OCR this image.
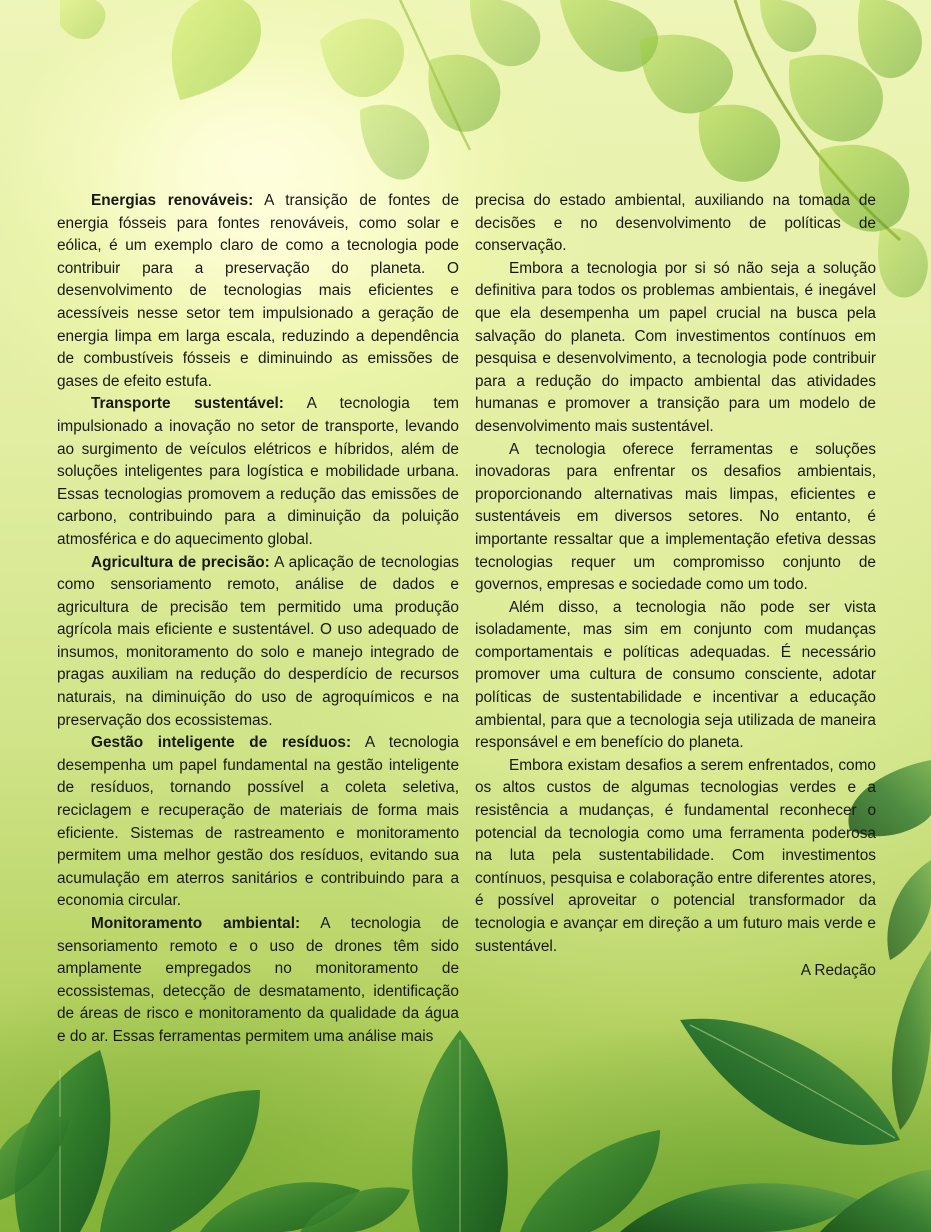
Energias renováveis: A transição de fontes de energia fósseis para fontes renováveis, como solar e eólica, é um exemplo claro de como a tecnologia pode contribuir para a preservação do planeta. O desenvolvimento de tecnologias mais eficientes e acessíveis nesse setor tem impulsionado a geração de energia limpa em larga escala, reduzindo a dependência de combustíveis fósseis e diminuindo as emissões de gases de efeito estufa.

Transporte sustentável: A tecnologia tem impulsionado a inovação no setor de transporte, levando ao surgimento de veículos elétricos e híbridos, além de soluções inteligentes para logística e mobilidade urbana. Essas tecnologias promovem a redução das emissões de carbono, contribuindo para a diminuição da poluição atmosférica e do aquecimento global.

Agricultura de precisão: A aplicação de tecnologias como sensoriamento remoto, análise de dados e agricultura de precisão tem permitido uma produção agrícola mais eficiente e sustentável. O uso adequado de insumos, monitoramento do solo e manejo integrado de pragas auxiliam na redução do desperdício de recursos naturais, na diminuição do uso de agroquímicos e na preservação dos ecossistemas.

Gestão inteligente de resíduos: A tecnologia desempenha um papel fundamental na gestão inteligente de resíduos, tornando possível a coleta seletiva, reciclagem e recuperação de materiais de forma mais eficiente. Sistemas de rastreamento e monitoramento permitem uma melhor gestão dos resíduos, evitando sua acumulação em aterros sanitários e contribuindo para a economia circular.

Monitoramento ambiental: A tecnologia de sensoriamento remoto e o uso de drones têm sido amplamente empregados no monitoramento de ecossistemas, detecção de desmatamento, identificação de áreas de risco e monitoramento da qualidade da água e do ar. Essas ferramentas permitem uma análise mais

precisa do estado ambiental, auxiliando na tomada de decisões e no desenvolvimento de políticas de conservação.

Embora a tecnologia por si só não seja a solução definitiva para todos os problemas ambientais, é inegável que ela desempenha um papel crucial na busca pela salvação do planeta. Com investimentos contínuos em pesquisa e desenvolvimento, a tecnologia pode contribuir para a redução do impacto ambiental das atividades humanas e promover a transição para um modelo de desenvolvimento mais sustentável.

A tecnologia oferece ferramentas e soluções inovadoras para enfrentar os desafios ambientais, proporcionando alternativas mais limpas, eficientes e sustentáveis em diversos setores. No entanto, é importante ressaltar que a implementação efetiva dessas tecnologias requer um compromisso conjunto de governos, empresas e sociedade como um todo.

Além disso, a tecnologia não pode ser vista isoladamente, mas sim em conjunto com mudanças comportamentais e políticas adequadas. É necessário promover uma cultura de consumo consciente, adotar políticas de sustentabilidade e incentivar a educação ambiental, para que a tecnologia seja utilizada de maneira responsável e em benefício do planeta.

Embora existam desafios a serem enfrentados, como os altos custos de algumas tecnologias verdes e a resistência a mudanças, é fundamental reconhecer o potencial da tecnologia como uma ferramenta poderosa na luta pela sustentabilidade. Com investimentos contínuos, pesquisa e colaboração entre diferentes atores, é possível aproveitar o potencial transformador da tecnologia e avançar em direção a um futuro mais verde e sustentável.

A Redação
